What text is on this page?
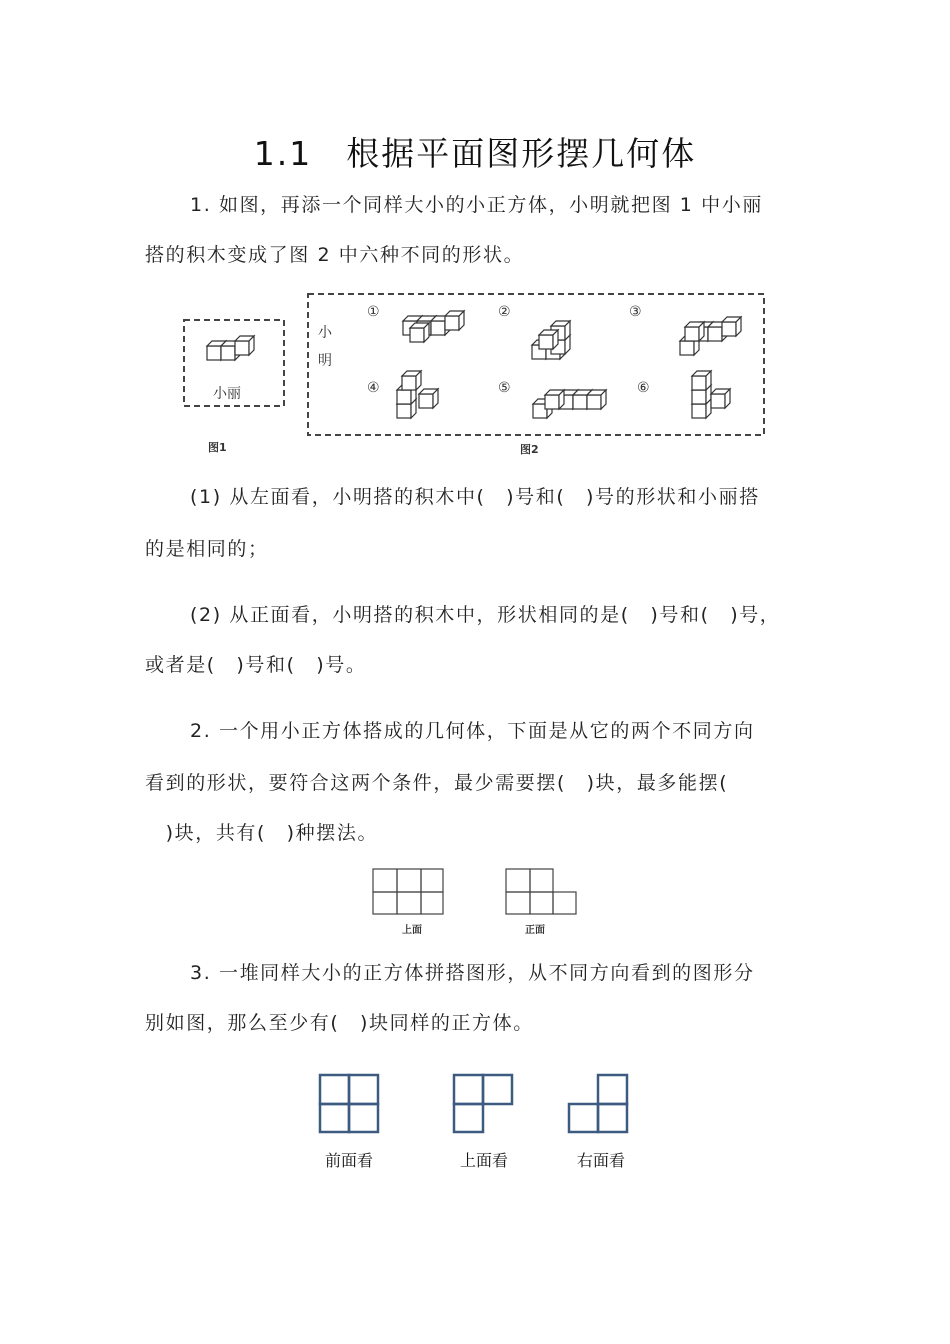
1.1 根据平面图形摆几何体
1. 如图，再添一个同样大小的小正方体，小明就把图 1 中小丽
搭的积木变成了图 2 中六种不同的形状。
小丽
图1
小
明
①	②	③
④	⑤	⑥
图2
(1) 从左面看，小明搭的积木中(　)号和(　)号的形状和小丽搭
的是相同的；
(2) 从正面看，小明搭的积木中，形状相同的是(　)号和(　)号，
或者是(　)号和(　)号。
2. 一个用小正方体搭成的几何体，下面是从它的两个不同方向
看到的形状，要符合这两个条件，最少需要摆(　)块，最多能摆(
　)块，共有(　)种摆法。
上面	正面
3. 一堆同样大小的正方体拼搭图形，从不同方向看到的图形分
别如图，那么至少有(　)块同样的正方体。
前面看	上面看	右面看
